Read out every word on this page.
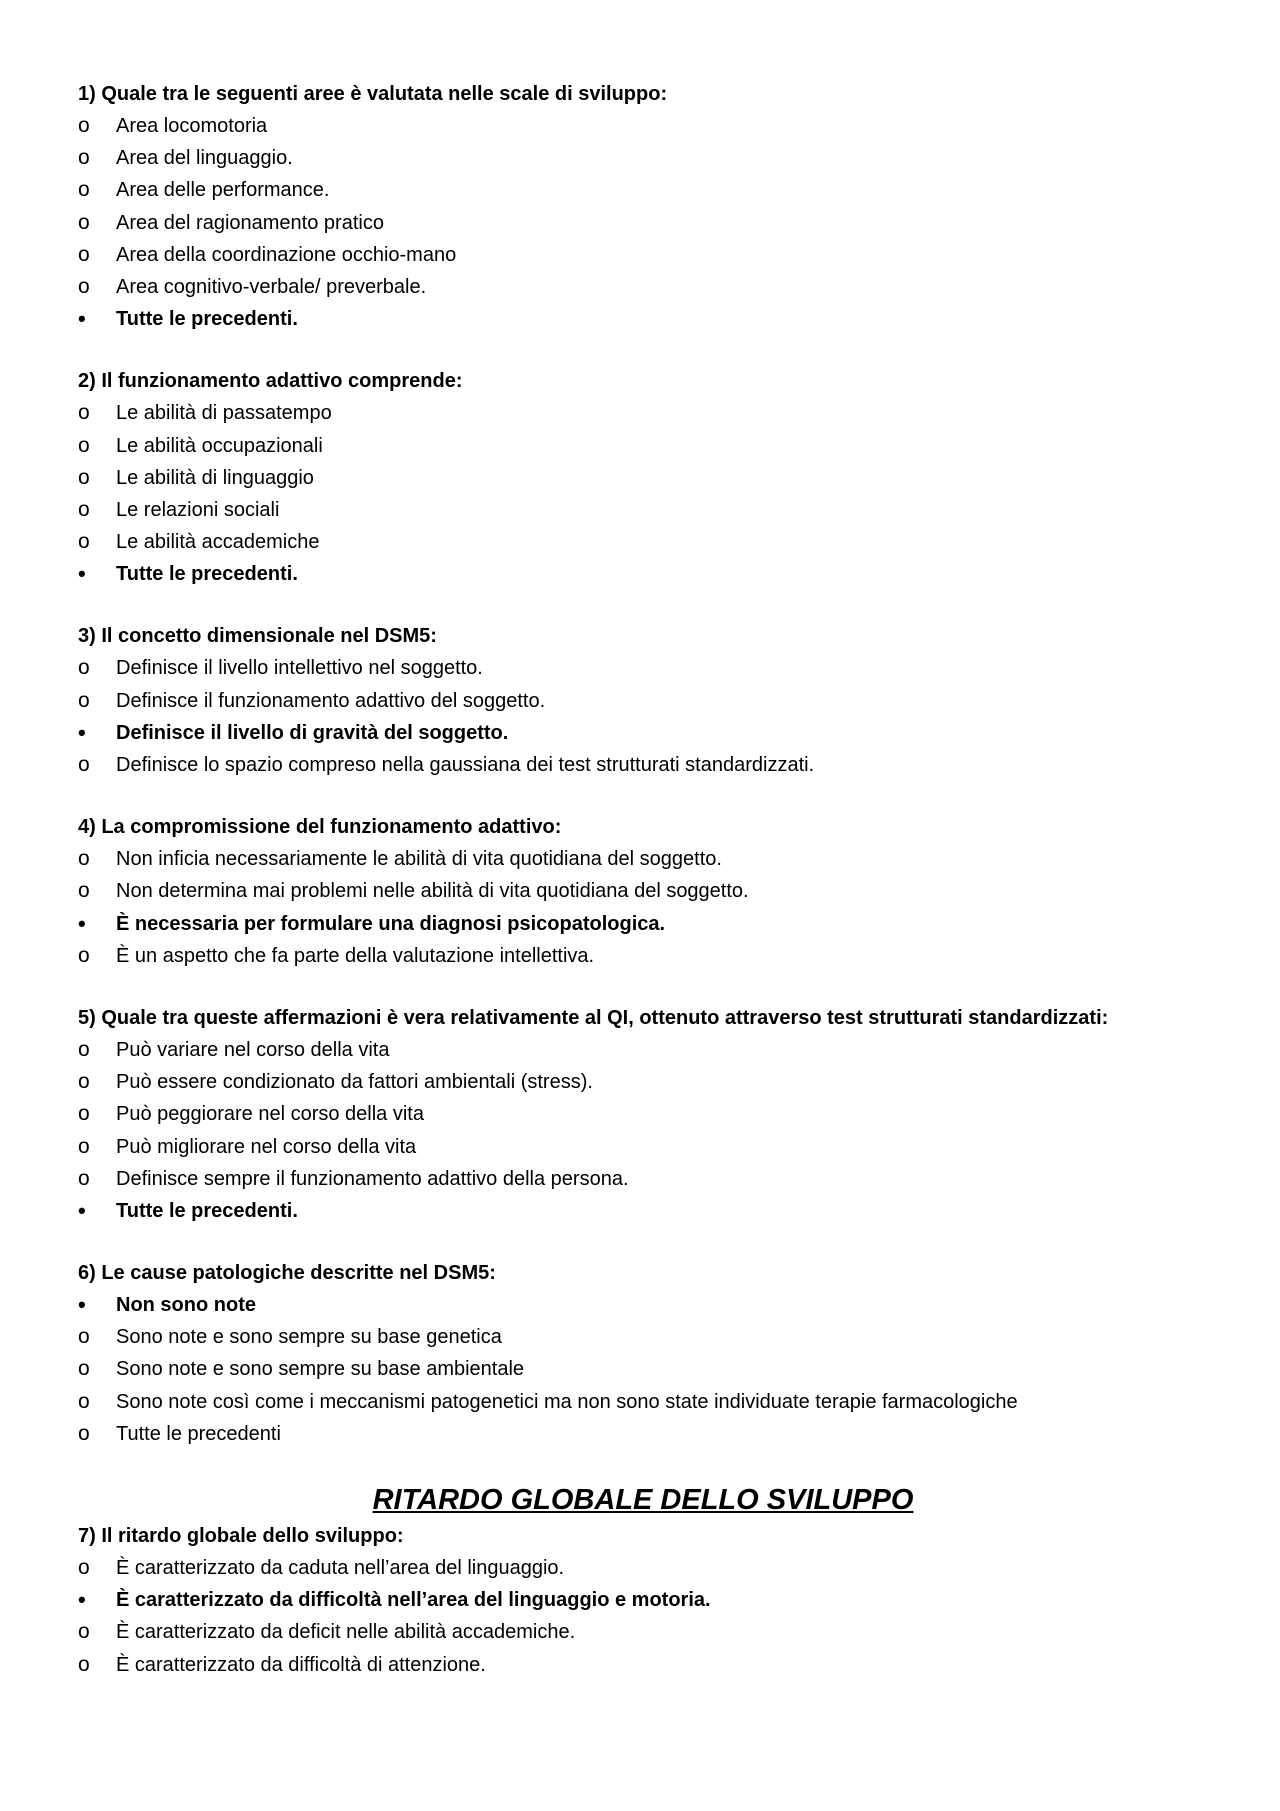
1) Quale tra le seguenti aree è valutata nelle scale di sviluppo:
o	Area locomotoria
o	Area del linguaggio.
o	Area delle performance.
o	Area del ragionamento pratico
o	Area della coordinazione occhio-mano
o	Area cognitivo-verbale/ preverbale.
•	Tutte le precedenti.
2) Il funzionamento adattivo comprende:
o	Le abilità di passatempo
o	Le abilità occupazionali
o	Le abilità di linguaggio
o	Le relazioni sociali
o	Le abilità accademiche
•	Tutte le precedenti.
3) Il concetto dimensionale nel DSM5:
o	Definisce il livello intellettivo nel soggetto.
o	Definisce il funzionamento adattivo del soggetto.
•	Definisce il livello di gravità del soggetto.
o	Definisce lo spazio compreso nella gaussiana dei test strutturati standardizzati.
4) La compromissione del funzionamento adattivo:
o	Non inficia necessariamente le abilità di vita quotidiana del soggetto.
o	Non determina mai problemi nelle abilità di vita quotidiana del soggetto.
•	È necessaria per formulare una diagnosi psicopatologica.
o	È un aspetto che fa parte della valutazione intellettiva.
5) Quale tra queste affermazioni è vera relativamente al QI, ottenuto attraverso test strutturati standardizzati:
o	Può variare nel corso della vita
o	Può essere condizionato da fattori ambientali (stress).
o	Può peggiorare nel corso della vita
o	Può migliorare nel corso della vita
o	Definisce sempre il funzionamento adattivo della persona.
•	Tutte le precedenti.
6) Le cause patologiche descritte nel DSM5:
•	Non sono note
o	Sono note e sono sempre su base genetica
o	Sono note e sono sempre su base ambientale
o	Sono note così come i meccanismi patogenetici ma non sono state individuate terapie farmacologiche
o	Tutte le precedenti
RITARDO GLOBALE DELLO SVILUPPO
7) Il ritardo globale dello sviluppo:
o	È caratterizzato da caduta nell’area del linguaggio.
•	È caratterizzato da difficoltà nell’area del linguaggio e motoria.
o	È caratterizzato da deficit nelle abilità accademiche.
o	È caratterizzato da difficoltà di attenzione.
